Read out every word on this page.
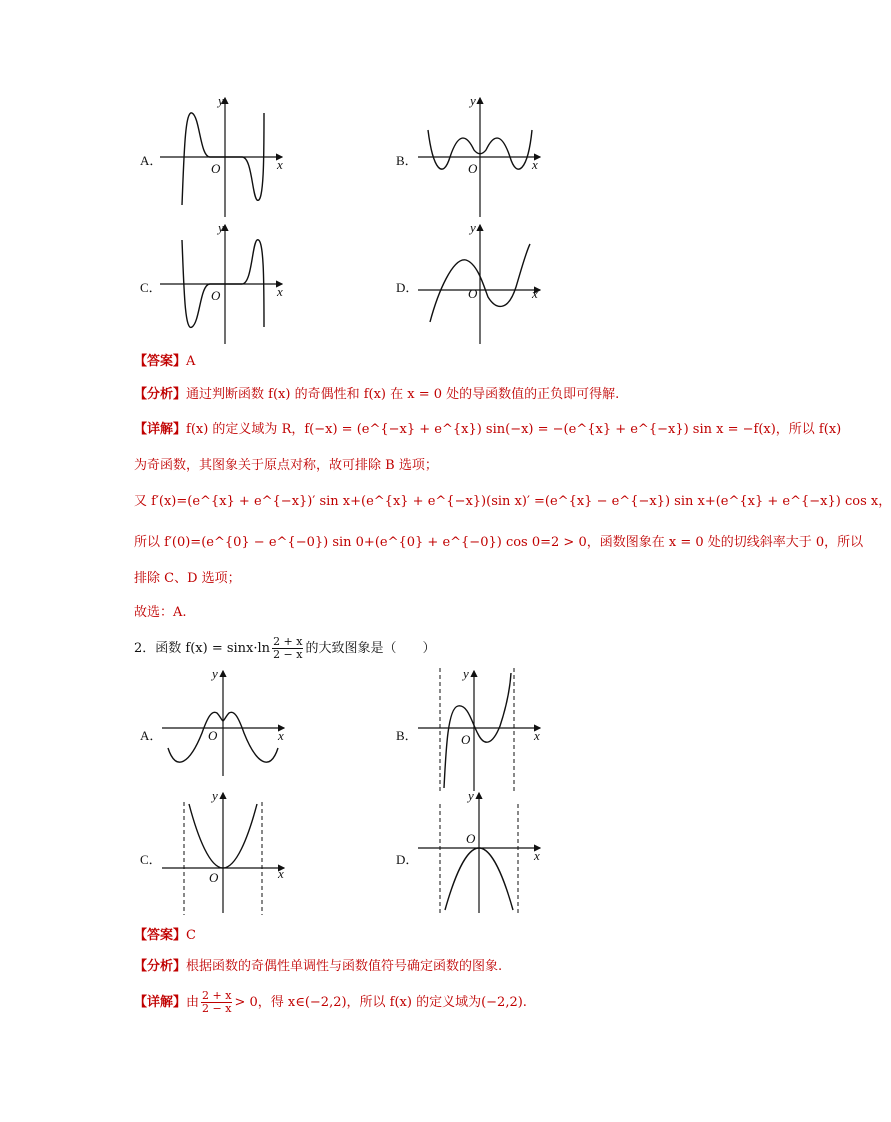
A．
y
x
O
B．
y
x
O
C．
y
x
O
D．
y
x
O
【答案】A
【分析】通过判断函数 f(x) 的奇偶性和 f(x) 在 x = 0 处的导函数值的正负即可得解.
【详解】f(x) 的定义域为 R，f(−x) = (e^{−x} + e^{x}) sin(−x) = −(e^{x} + e^{−x}) sin x = −f(x)，所以 f(x)
为奇函数，其图象关于原点对称，故可排除 B 选项；
又 f′(x)=(e^{x} + e^{−x})′ sin x+(e^{x} + e^{−x})(sin x)′ =(e^{x} − e^{−x}) sin x+(e^{x} + e^{−x}) cos x，
所以 f′(0)=(e^{0} − e^{−0}) sin 0+(e^{0} + e^{−0}) cos 0=2 > 0，函数图象在 x = 0 处的切线斜率大于 0，所以
排除 C、D 选项；
故选：A.
2．函数 $f(x) = \sin x\cdot\ln \frac{2 + x}{2 - x}$ 的大致图象是（　　）
A．
y
x
O	B．
y
x
O
C．
y
x
O
D．
y
x
O
【答案】C
【分析】根据函数的奇偶性单调性与函数值符号确定函数的图象.
【详解】由 $\frac{2 + x}{2 - x} > 0$，得 x∈(−2,2)，所以 f(x) 的定义域为(−2,2).
